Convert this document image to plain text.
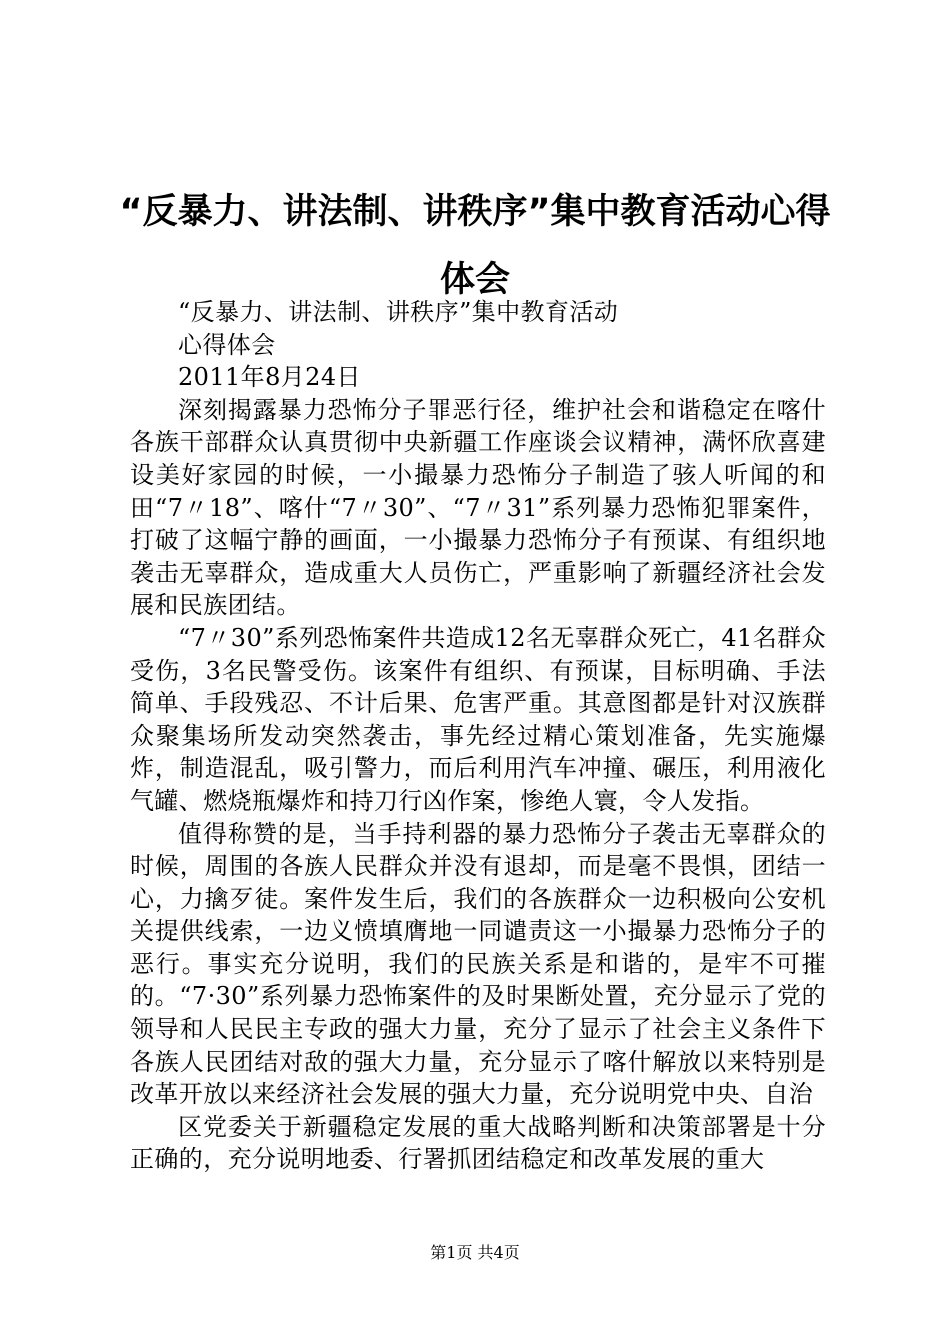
“反暴力、讲法制、讲秩序”集中教育活动心得体会

“反暴力、讲法制、讲秩序”集中教育活动

心得体会

2011年8月24日

深刻揭露暴力恐怖分子罪恶行径，维护社会和谐稳定在喀什各族干部群众认真贯彻中央新疆工作座谈会议精神，满怀欣喜建设美好家园的时候，一小撮暴力恐怖分子制造了骇人听闻的和田“7〃18”、喀什“7〃30”、“7〃31”系列暴力恐怖犯罪案件，打破了这幅宁静的画面，一小撮暴力恐怖分子有预谋、有组织地袭击无辜群众，造成重大人员伤亡，严重影响了新疆经济社会发展和民族团结。

“7〃30”系列恐怖案件共造成12名无辜群众死亡，41名群众受伤，3名民警受伤。该案件有组织、有预谋，目标明确、手法简单、手段残忍、不计后果、危害严重。其意图都是针对汉族群众聚集场所发动突然袭击，事先经过精心策划准备，先实施爆炸，制造混乱，吸引警力，而后利用汽车冲撞、碾压，利用液化气罐、燃烧瓶爆炸和持刀行凶作案，惨绝人寰，令人发指。

值得称赞的是，当手持利器的暴力恐怖分子袭击无辜群众的时候，周围的各族人民群众并没有退却，而是毫不畏惧，团结一心，力擒歹徒。案件发生后，我们的各族群众一边积极向公安机关提供线索，一边义愤填膺地一同谴责这一小撮暴力恐怖分子的恶行。事实充分说明，我们的民族关系是和谐的，是牢不可摧的。“7·30”系列暴力恐怖案件的及时果断处置，充分显示了党的领导和人民民主专政的强大力量，充分了显示了社会主义条件下各族人民团结对敌的强大力量，充分显示了喀什解放以来特别是改革开放以来经济社会发展的强大力量，充分说明党中央、自治

区党委关于新疆稳定发展的重大战略判断和决策部署是十分正确的，充分说明地委、行署抓团结稳定和改革发展的重大

第1页 共4页
